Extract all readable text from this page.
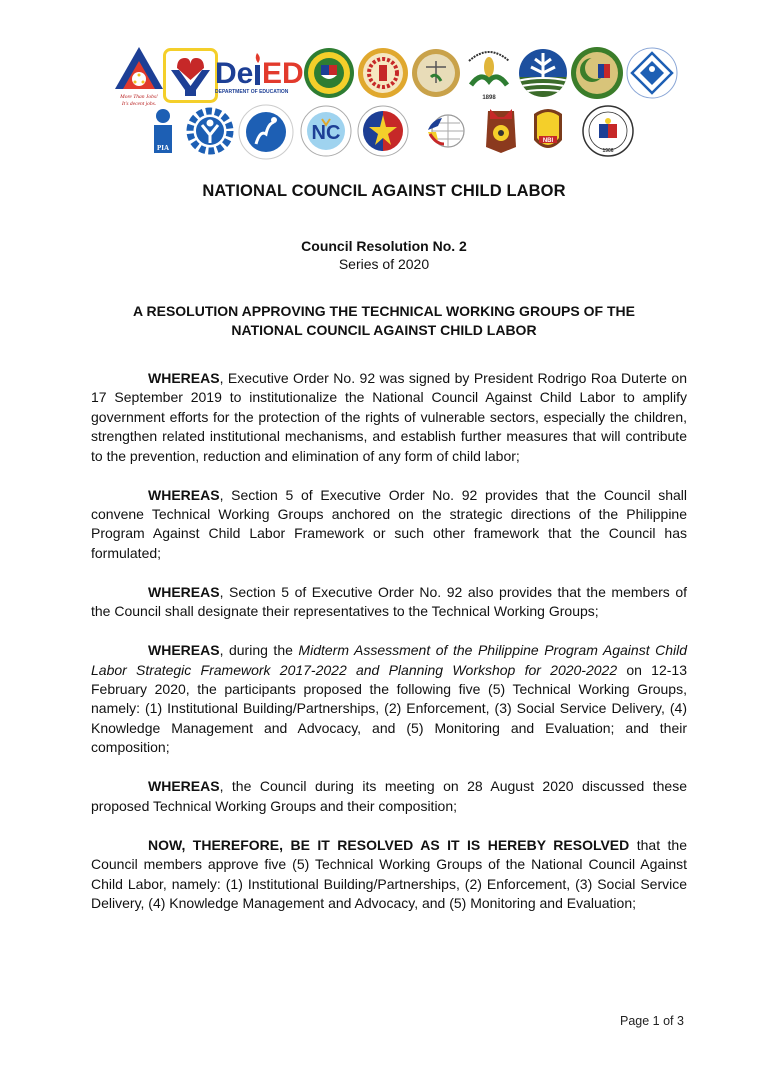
More Than Jobs!
It's decent jobs.
De ED
DEPARTMENT OF EDUCATION
1898
PIA
NC	NBI
1966
NATIONAL COUNCIL AGAINST CHILD LABOR
Council Resolution No. 2
Series of 2020
A RESOLUTION APPROVING THE TECHNICAL WORKING GROUPS OF THE
NATIONAL COUNCIL AGAINST CHILD LABOR

WHEREAS, Executive Order No. 92 was signed by President Rodrigo Roa Duterte on 17 September 2019 to institutionalize the National Council Against Child Labor to amplify government efforts for the protection of the rights of vulnerable sectors, especially the children, strengthen related institutional mechanisms, and establish further measures that will contribute to the prevention, reduction and elimination of any form of child labor;

WHEREAS, Section 5 of Executive Order No. 92 provides that the Council shall convene Technical Working Groups anchored on the strategic directions of the Philippine Program Against Child Labor Framework or such other framework that the Council has formulated;

WHEREAS, Section 5 of Executive Order No. 92 also provides that the members of the Council shall designate their representatives to the Technical Working Groups;

WHEREAS, during the Midterm Assessment of the Philippine Program Against Child Labor Strategic Framework 2017-2022 and Planning Workshop for 2020-2022 on 12-13 February 2020, the participants proposed the following five (5) Technical Working Groups, namely: (1) Institutional Building/Partnerships, (2) Enforcement, (3) Social Service Delivery, (4) Knowledge Management and Advocacy, and (5) Monitoring and Evaluation; and their composition;

WHEREAS, the Council during its meeting on 28 August 2020 discussed these proposed Technical Working Groups and their composition;

NOW, THEREFORE, BE IT RESOLVED AS IT IS HEREBY RESOLVED that the Council members approve five (5) Technical Working Groups of the National Council Against Child Labor, namely: (1) Institutional Building/Partnerships, (2) Enforcement, (3) Social Service Delivery, (4) Knowledge Management and Advocacy, and (5) Monitoring and Evaluation;

Page 1 of 3
